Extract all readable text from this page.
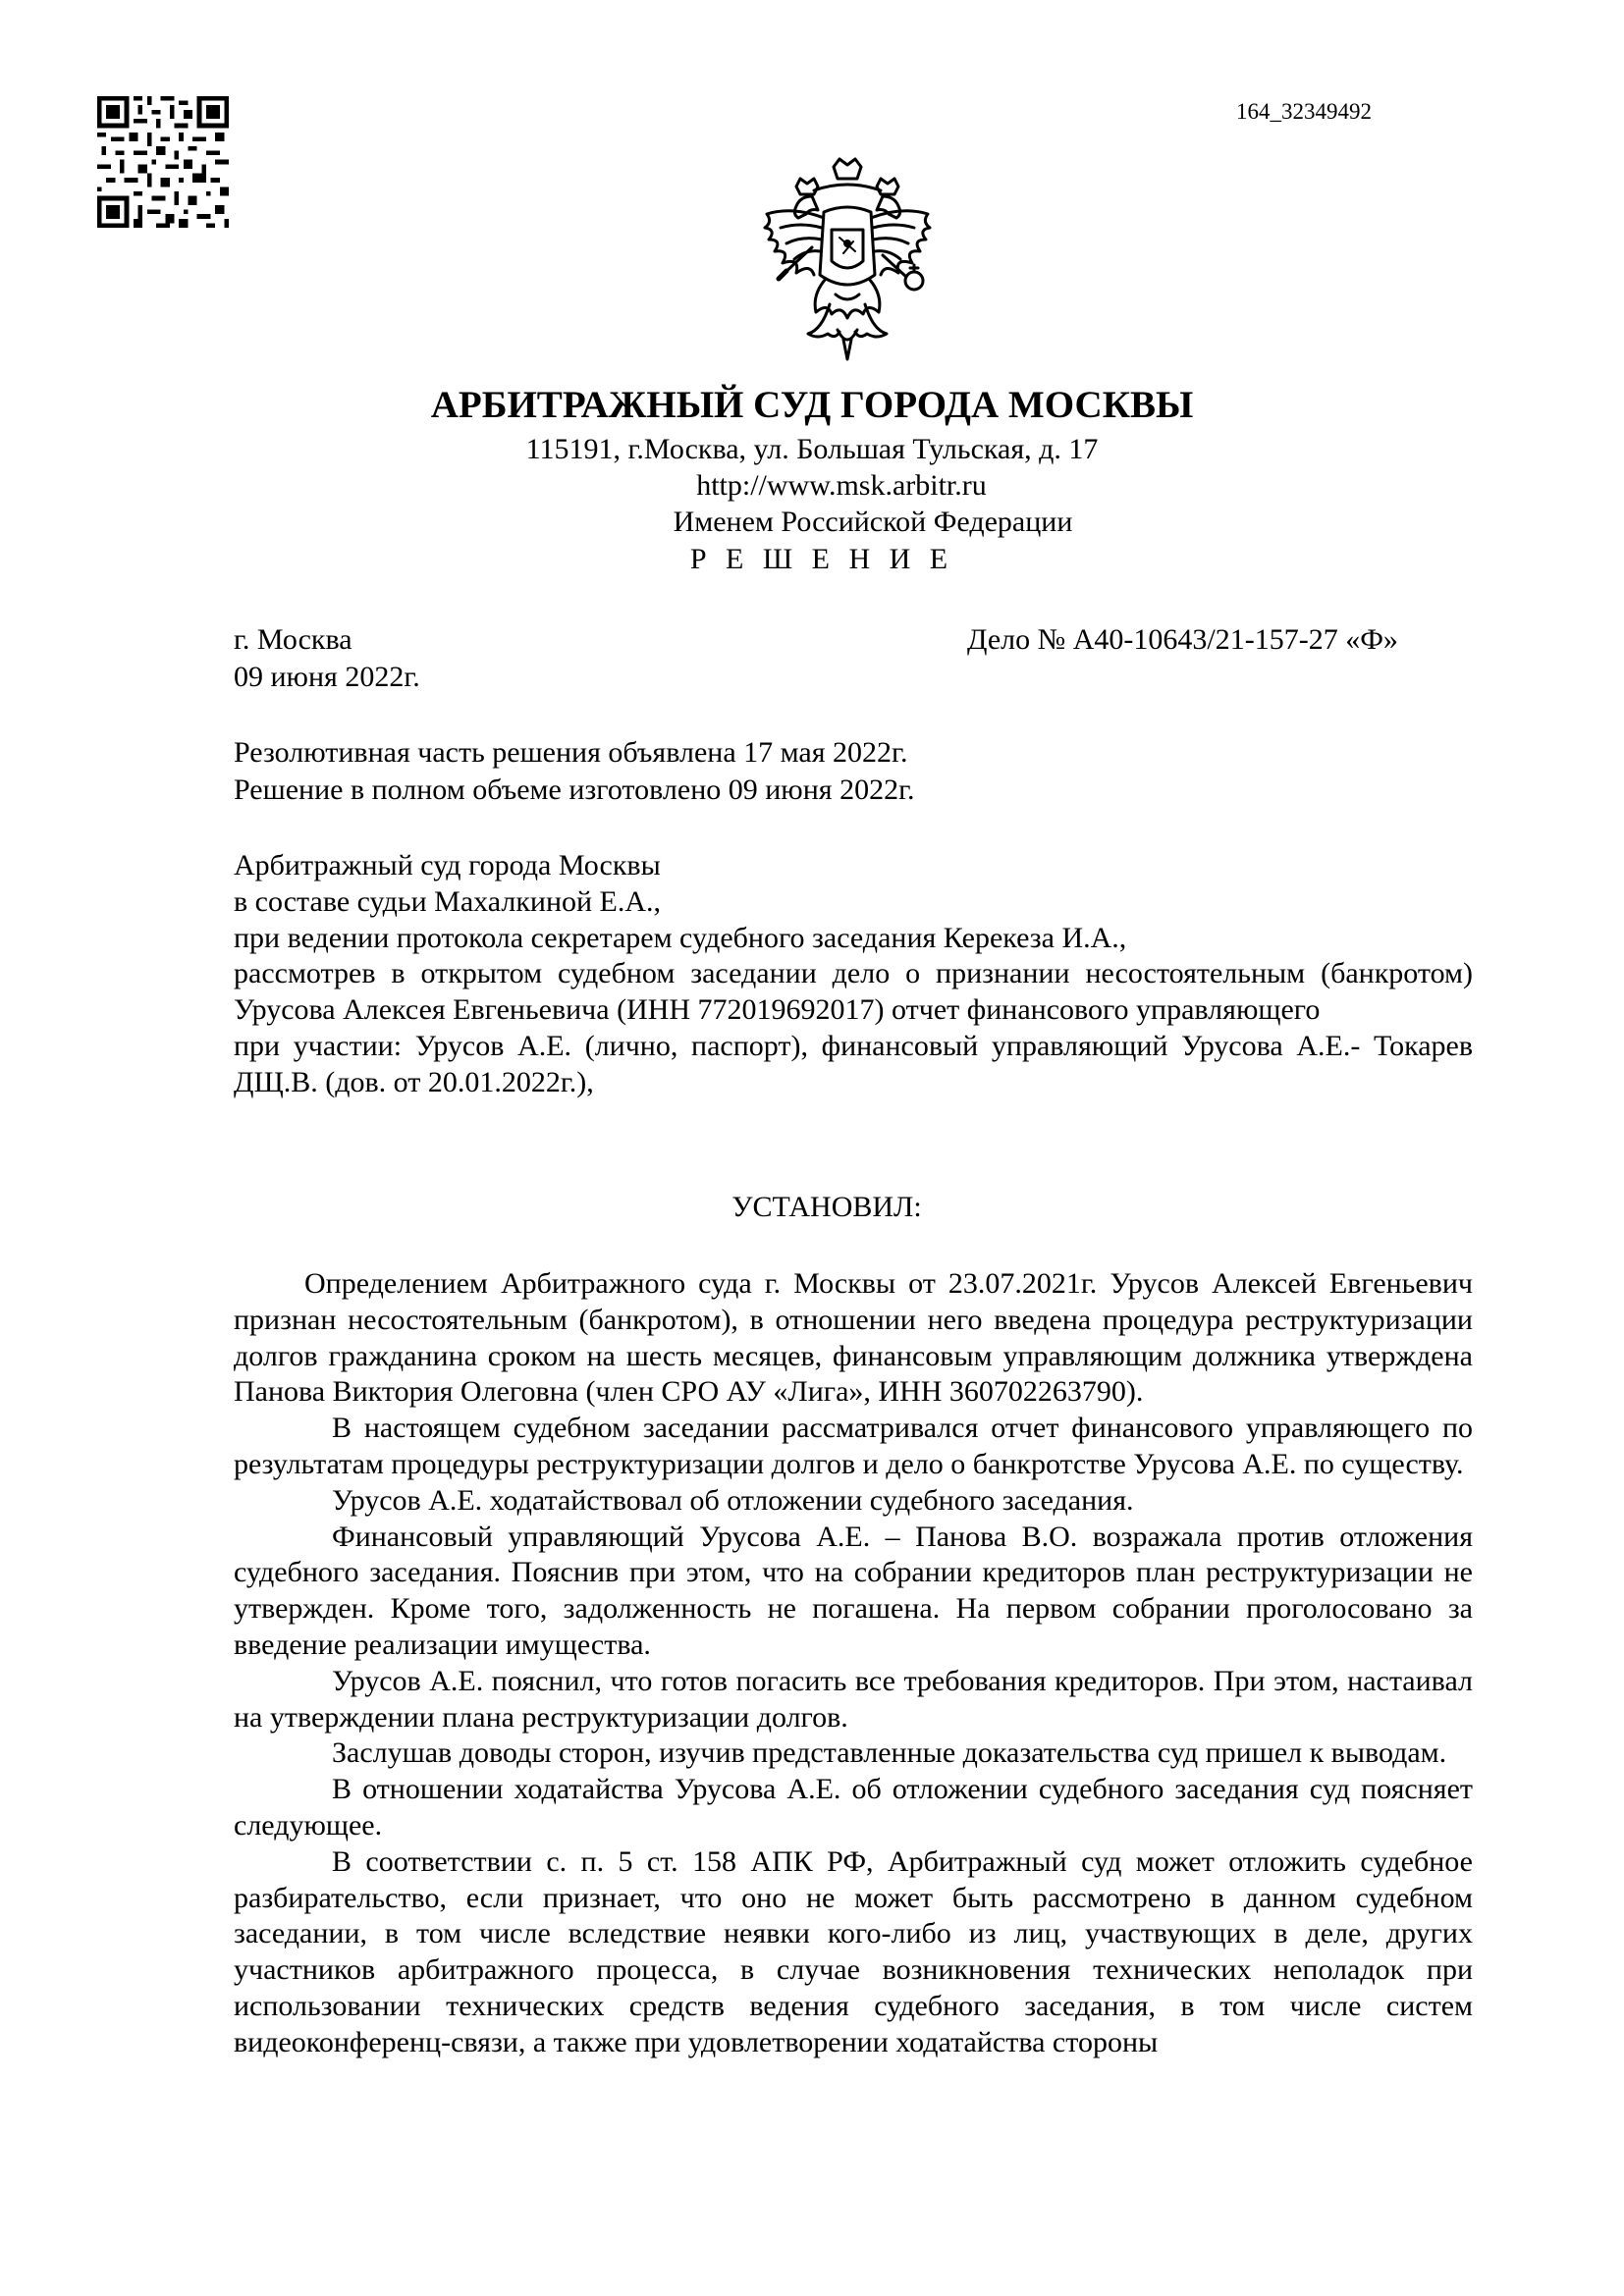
164_32349492
АРБИТРАЖНЫЙ СУД ГОРОДА МОСКВЫ
115191, г.Москва, ул. Большая Тульская, д. 17
http://www.msk.arbitr.ru
Именем Российской Федерации
Р Е Ш Е Н И Е
г. Москва
09 июня 2022г.
Дело № А40-10643/21-157-27 «Ф»
Резолютивная часть решения объявлена 17 мая 2022г.
Решение в полном объеме изготовлено 09 июня 2022г.

Арбитражный суд города Москвы

в составе судьи Махалкиной Е.А.,

при ведении протокола секретарем судебного заседания Керекеза И.А.,

рассмотрев в открытом судебном заседании дело о признании несостоятельным (банкротом) Урусова Алексея Евгеньевича (ИНН 772019692017) отчет финансового управляющего

при участии: Урусов А.Е. (лично, паспорт), финансовый управляющий Урусова А.Е.- Токарев ДЩ.В. (дов. от 20.01.2022г.),

УСТАНОВИЛ:

Определением Арбитражного суда г. Москвы от 23.07.2021г. Урусов Алексей Евгеньевич признан несостоятельным (банкротом), в отношении него введена процедура реструктуризации долгов гражданина сроком на шесть месяцев, финансовым управляющим должника утверждена Панова Виктория Олеговна (член СРО АУ «Лига», ИНН 360702263790).

В настоящем судебном заседании рассматривался отчет финансового управляющего по результатам процедуры реструктуризации долгов и дело о банкротстве Урусова А.Е. по существу.

Урусов А.Е. ходатайствовал об отложении судебного заседания.

Финансовый управляющий Урусова А.Е. – Панова В.О. возражала против отложения судебного заседания. Пояснив при этом, что на собрании кредиторов план реструктуризации не утвержден. Кроме того, задолженность не погашена. На первом собрании проголосовано за введение реализации имущества.

Урусов А.Е. пояснил, что готов погасить все требования кредиторов. При этом, настаивал на утверждении плана реструктуризации долгов.

Заслушав доводы сторон, изучив представленные доказательства суд пришел к выводам.

В отношении ходатайства Урусова А.Е. об отложении судебного заседания суд поясняет следующее.

В соответствии с. п. 5 ст. 158 АПК РФ, Арбитражный суд может отложить судебное разбирательство, если признает, что оно не может быть рассмотрено в данном судебном заседании, в том числе вследствие неявки кого-либо из лиц, участвующих в деле, других участников арбитражного процесса, в случае возникновения технических неполадок при использовании технических средств ведения судебного заседания, в том числе систем видеоконференц-связи, а также при удовлетворении ходатайства стороны
